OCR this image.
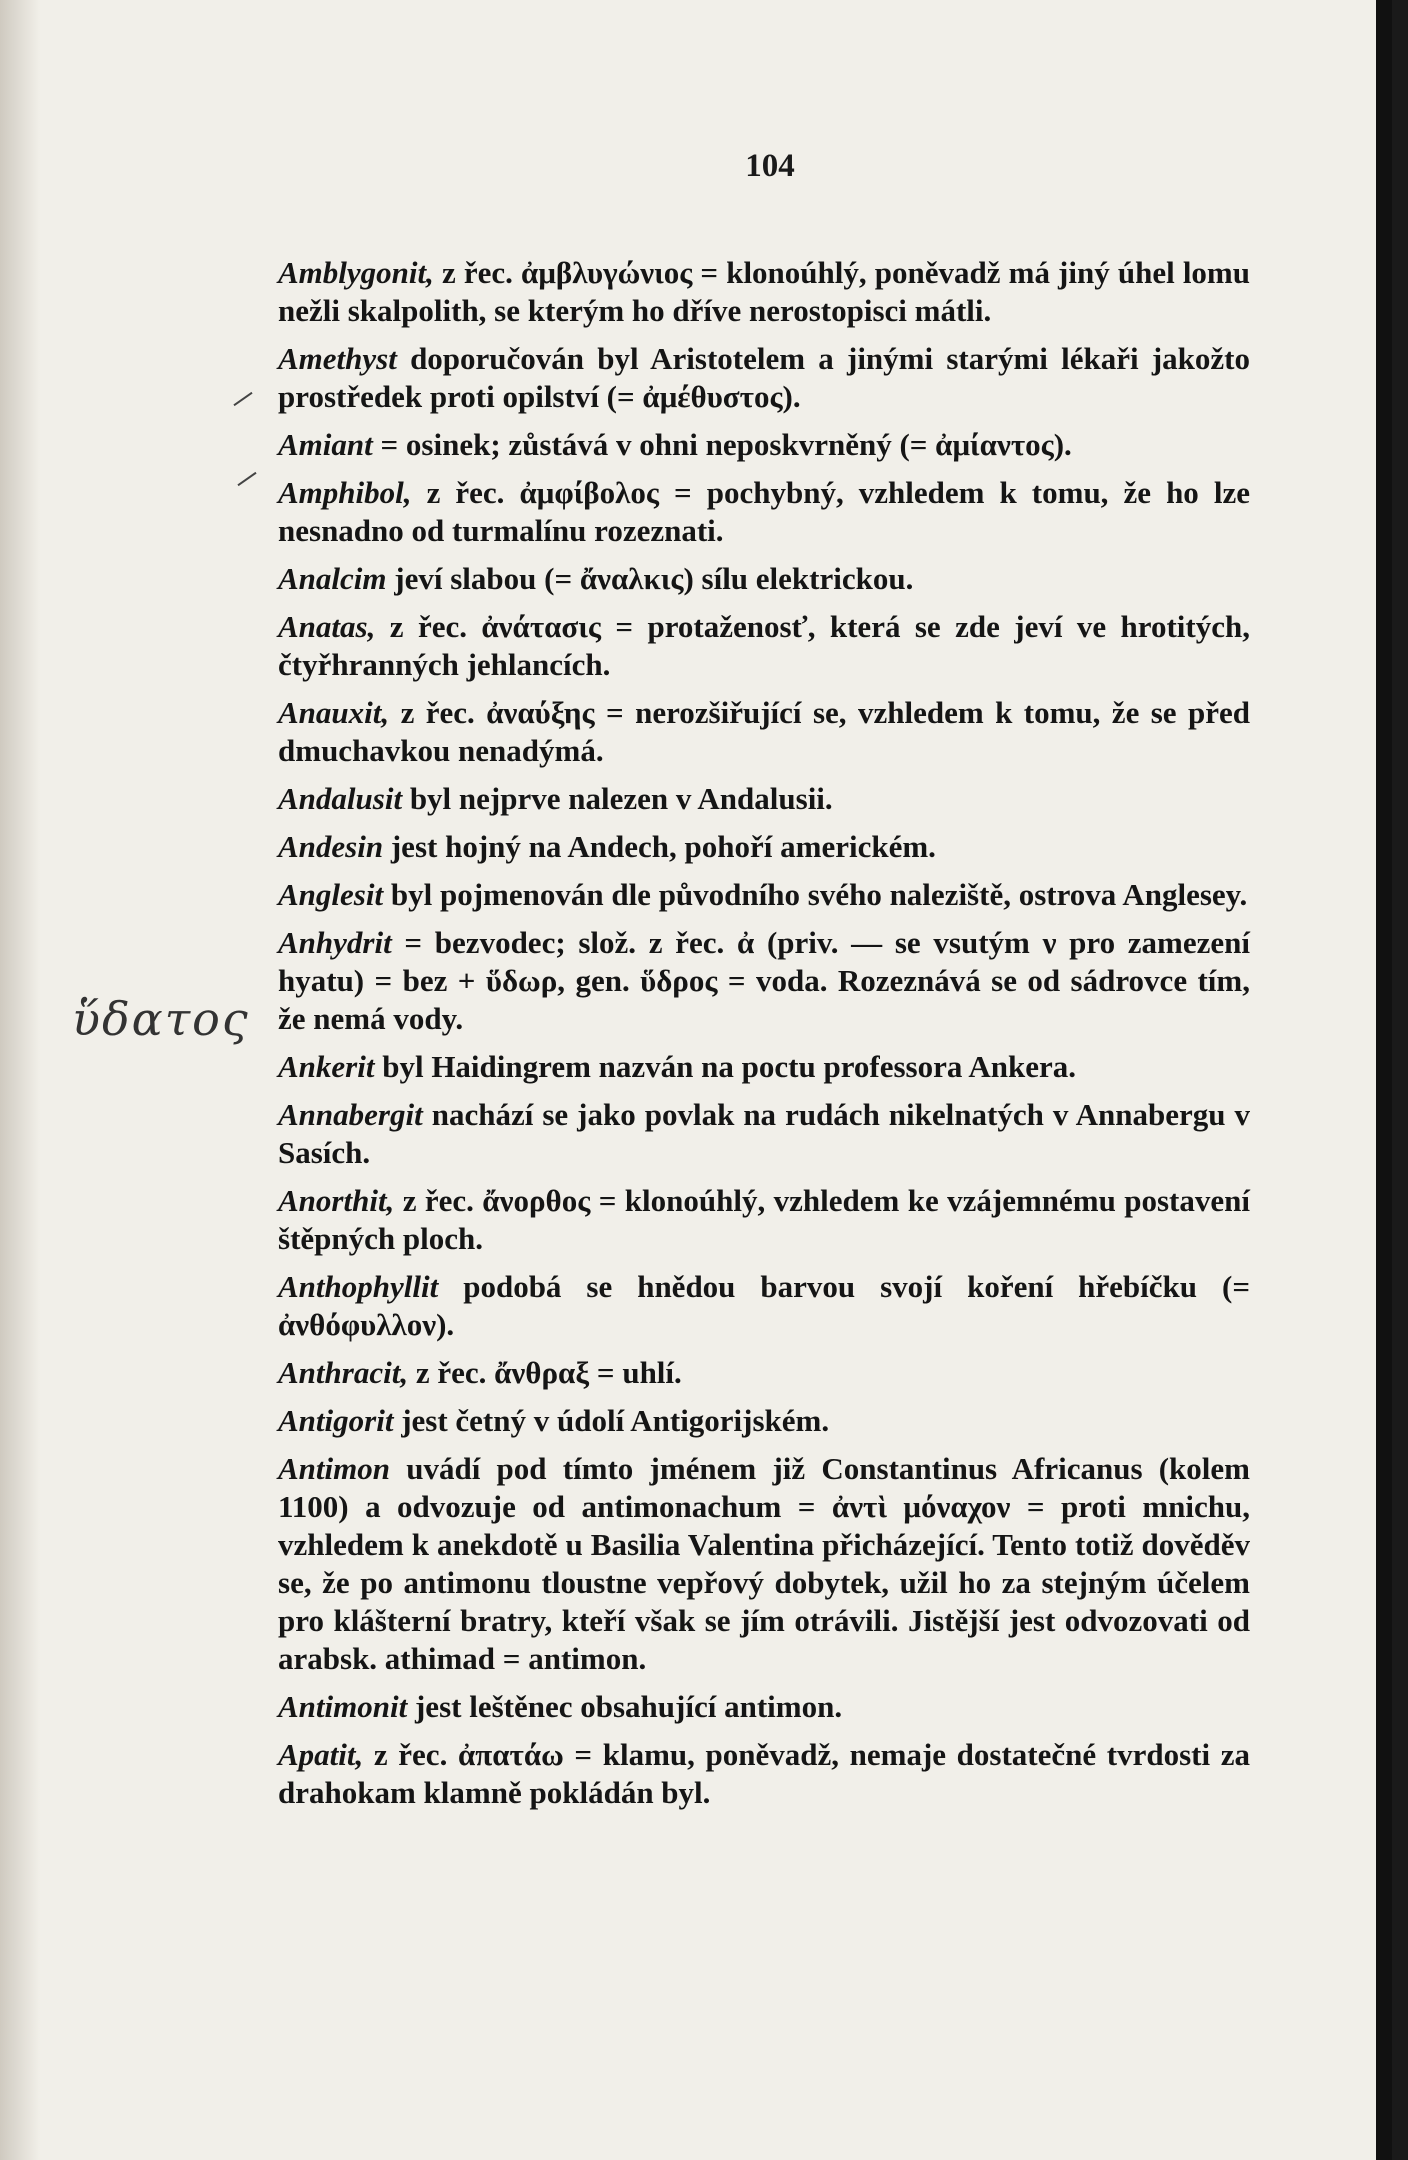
104
ὕδατος

Amblygonit, z řec. ἀμβλυγώνιος = klonoúhlý, poněvadž má jiný úhel lomu nežli skalpolith, se kterým ho dříve nerostopisci mátli.

Amethyst doporučován byl Aristotelem a jinými starými lékaři jakožto prostředek proti opilství (= ἀμέθυστος).

Amiant = osinek; zůstává v ohni neposkvrněný (= ἀμίαντος).

Amphibol, z řec. ἀμφίβολος = pochybný, vzhledem k tomu, že ho lze nesnadno od turmalínu rozeznati.

Analcim jeví slabou (= ἄναλκις) sílu elektrickou.

Anatas, z řec. ἀνάτασις = protaženosť, která se zde jeví ve hrotitých, čtyřhranných jehlancích.

Anauxit, z řec. ἀναύξης = nerozšiřující se, vzhledem k tomu, že se před dmuchavkou nenadýmá.

Andalusit byl nejprve nalezen v Andalusii.

Andesin jest hojný na Andech, pohoří americkém.

Anglesit byl pojmenován dle původního svého naleziště, ostrova Anglesey.

Anhydrit = bezvodec; slož. z řec. ἀ (priv. — se vsutým ν pro zamezení hyatu) = bez + ὕδωρ, gen. ὕδρος = voda. Rozeznává se od sádrovce tím, že nemá vody.

Ankerit byl Haidingrem nazván na poctu professora Ankera.

Annabergit nachází se jako povlak na rudách nikelnatých v Annabergu v Sasích.

Anorthit, z řec. ἄνορθος = klonoúhlý, vzhledem ke vzájemnému postavení štěpných ploch.

Anthophyllit podobá se hnědou barvou svojí koření hřebíčku (= ἀνθόφυλλον).

Anthracit, z řec. ἄνθραξ = uhlí.

Antigorit jest četný v údolí Antigorijském.

Antimon uvádí pod tímto jménem již Constantinus Africanus (kolem 1100) a odvozuje od antimonachum = ἀντὶ μόναχον = proti mnichu, vzhledem k anekdotě u Basilia Valentina přicházející. Tento totiž dověděv se, že po antimonu tloustne vepřový dobytek, užil ho za stejným účelem pro klášterní bratry, kteří však se jím otrávili. Jistější jest odvozovati od arabsk. athimad = antimon.

Antimonit jest leštěnec obsahující antimon.

Apatit, z řec. ἀπατάω = klamu, poněvadž, nemaje dostatečné tvrdosti za drahokam klamně pokládán byl.
